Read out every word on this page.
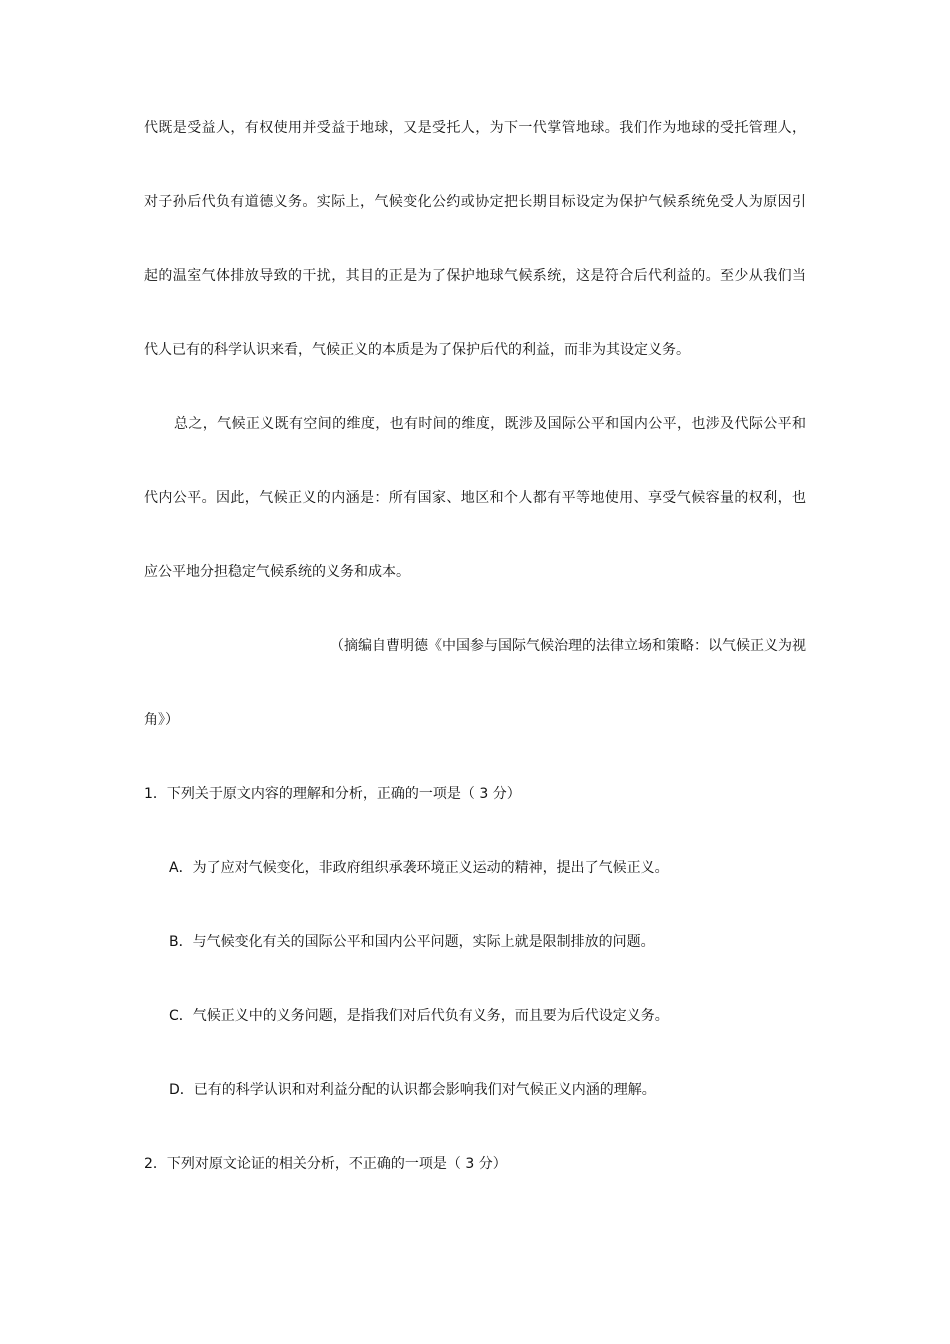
代既是受益人，有权使用并受益于地球，又是受托人，为下一代掌管地球。我们作为地球的受托管理人，
对子孙后代负有道德义务。实际上，气候变化公约或协定把长期目标设定为保护气候系统免受人为原因引
起的温室气体排放导致的干扰，其目的正是为了保护地球气候系统，这是符合后代利益的。至少从我们当
代人已有的科学认识来看，气候正义的本质是为了保护后代的利益，而非为其设定义务。
总之，气候正义既有空间的维度，也有时间的维度，既涉及国际公平和国内公平，也涉及代际公平和
代内公平。因此，气候正义的内涵是：所有国家、地区和个人都有平等地使用、享受气候容量的权利，也
应公平地分担稳定气候系统的义务和成本。
（摘编自曹明德《中国参与国际气候治理的法律立场和策略：以气候正义为视
角》）
1．下列关于原文内容的理解和分析，正确的一项是（ 3 分）
A．为了应对气候变化，非政府组织承袭环境正义运动的精神，提出了气候正义。
B．与气候变化有关的国际公平和国内公平问题，实际上就是限制排放的问题。
C．气候正义中的义务问题，是指我们对后代负有义务，而且要为后代设定义务。
D．已有的科学认识和对利益分配的认识都会影响我们对气候正义内涵的理解。
2．下列对原文论证的相关分析，不正确的一项是（ 3 分）
